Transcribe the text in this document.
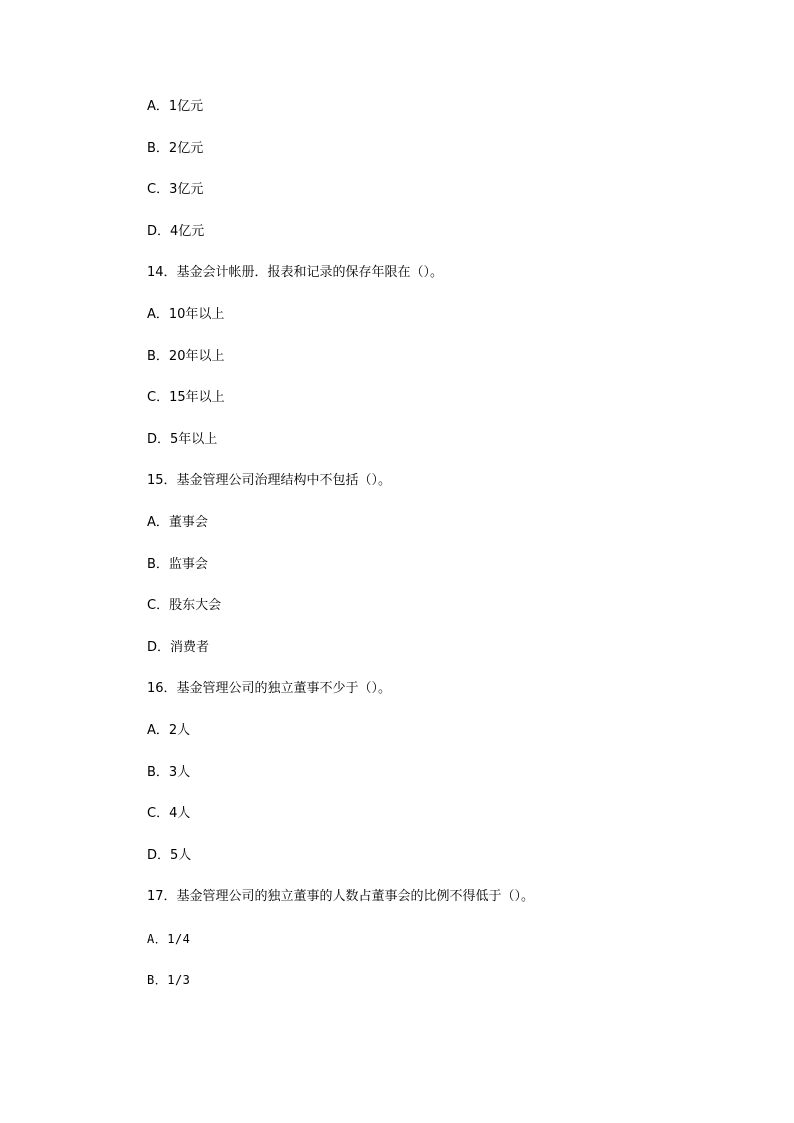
A．1亿元
B．2亿元
C．3亿元
D．4亿元
14．基金会计帐册．报表和记录的保存年限在（）。
A．10年以上
B．20年以上
C．15年以上
D．5年以上
15．基金管理公司治理结构中不包括（）。
A．董事会
B．监事会
C．股东大会
D．消费者
16．基金管理公司的独立董事不少于（）。
A．2人
B．3人
C．4人
D．5人
17．基金管理公司的独立董事的人数占董事会的比例不得低于（）。
A．1/4
B．1/3
